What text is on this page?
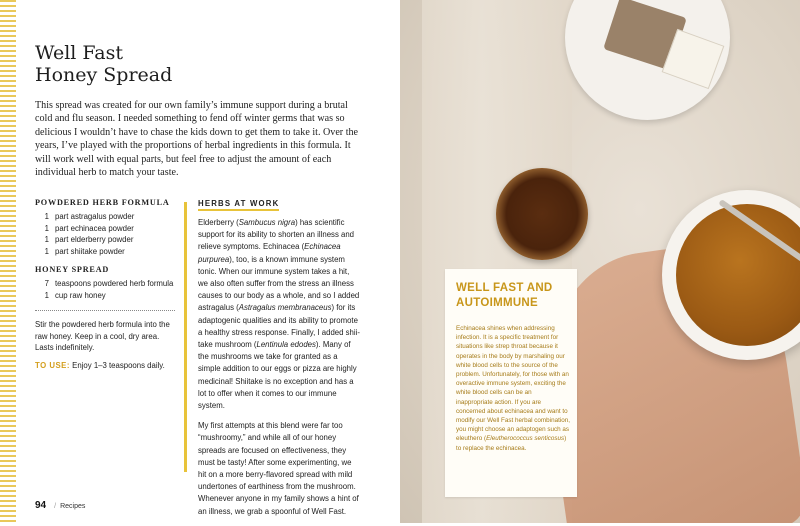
Well Fast
Honey Spread
This spread was created for our own family’s immune support during a brutal cold and flu season. I needed something to fend off winter germs that was so delicious I wouldn’t have to chase the kids down to get them to take it. Over the years, I’ve played with the proportions of herbal ingredients in this formula. It will work well with equal parts, but feel free to adjust the amount of each individual herb to match your taste.
POWDERED HERB FORMULA
1 part astragalus powder
1 part echinacea powder
1 part elderberry powder
1 part shiitake powder
HONEY SPREAD
7 teaspoons powdered herb formula
1 cup raw honey
Stir the powdered herb formula into the raw honey. Keep in a cool, dry area. Lasts indefinitely.
TO USE: Enjoy 1–3 teaspoons daily.
HERBS AT WORK

Elderberry (Sambucus nigra) has scientific support for its ability to shorten an illness and relieve symptoms. Echinacea (Echinacea purpurea), too, is a known immune system tonic. When our immune system takes a hit, we also often suffer from the stress an illness causes to our body as a whole, and so I added astragalus (Astragalus membranaceus) for its adaptogenic qualities and its ability to promote a healthy stress response. Finally, I added shiitake mushroom (Lentinula edodes). Many of the mushrooms we take for granted as a simple addition to our eggs or pizza are highly medicinal! Shiitake is no exception and has a lot to offer when it comes to our immune system.

My first attempts at this blend were far too “mushroomy,” and while all of our honey spreads are focused on effectiveness, they must be tasty! After some experimenting, we hit on a more berry-flavored spread with mild undertones of earthiness from the mushroom. Whenever anyone in my family shows a hint of an illness, we grab a spoonful of Well Fast.

94 / Recipes
WELL FAST AND
AUTOIMMUNE
Echinacea shines when addressing infection. It is a specific treatment for situations like strep throat because it operates in the body by marshaling our white blood cells to the source of the problem. Unfortunately, for those with an overactive immune system, exciting the white blood cells can be an inappropriate action. If you are concerned about echinacea and want to modify our Well Fast herbal combination, you might choose an adaptogen such as eleuthero (Eleutherococcus senticosus) to replace the echinacea.
